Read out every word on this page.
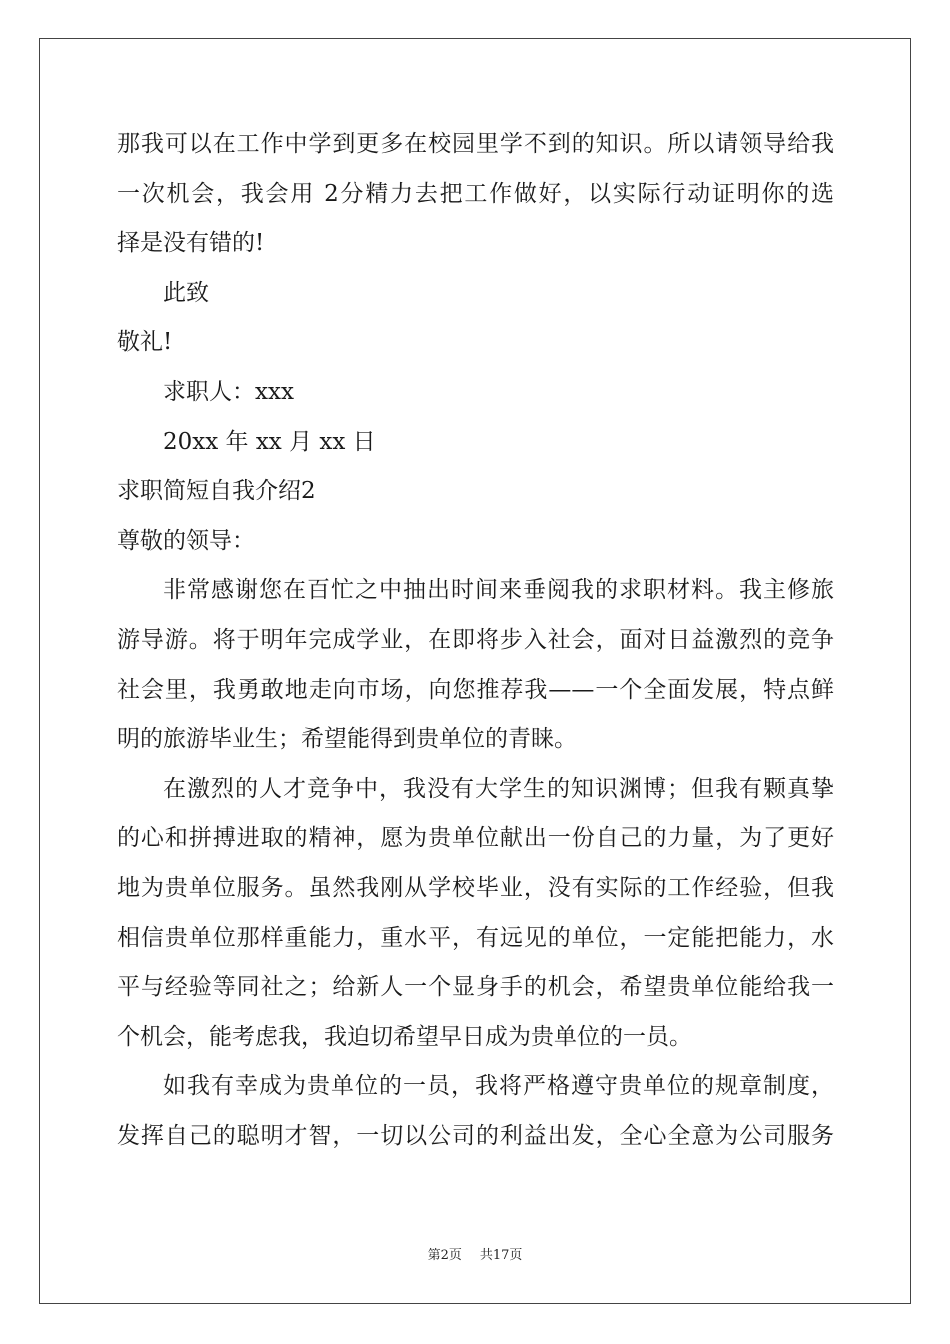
那我可以在工作中学到更多在校园里学不到的知识。所以请领导给我
一次机会，我会用 2分精力去把工作做好，以实际行动证明你的选
择是没有错的!
此致
敬礼!
求职人：xxx
20xx 年 xx 月 xx 日
求职简短自我介绍2
尊敬的领导：
非常感谢您在百忙之中抽出时间来垂阅我的求职材料。我主修旅
游导游。将于明年完成学业，在即将步入社会，面对日益激烈的竞争
社会里，我勇敢地走向市场，向您推荐我——一个全面发展，特点鲜
明的旅游毕业生；希望能得到贵单位的青睐。
在激烈的人才竞争中，我没有大学生的知识渊博；但我有颗真挚
的心和拼搏进取的精神，愿为贵单位献出一份自己的力量，为了更好
地为贵单位服务。虽然我刚从学校毕业，没有实际的工作经验，但我
相信贵单位那样重能力，重水平，有远见的单位，一定能把能力，水
平与经验等同社之；给新人一个显身手的机会，希望贵单位能给我一
个机会，能考虑我，我迫切希望早日成为贵单位的一员。
如我有幸成为贵单位的一员，我将严格遵守贵单位的规章制度，
发挥自己的聪明才智，一切以公司的利益出发，全心全意为公司服务
第2页 共17页
